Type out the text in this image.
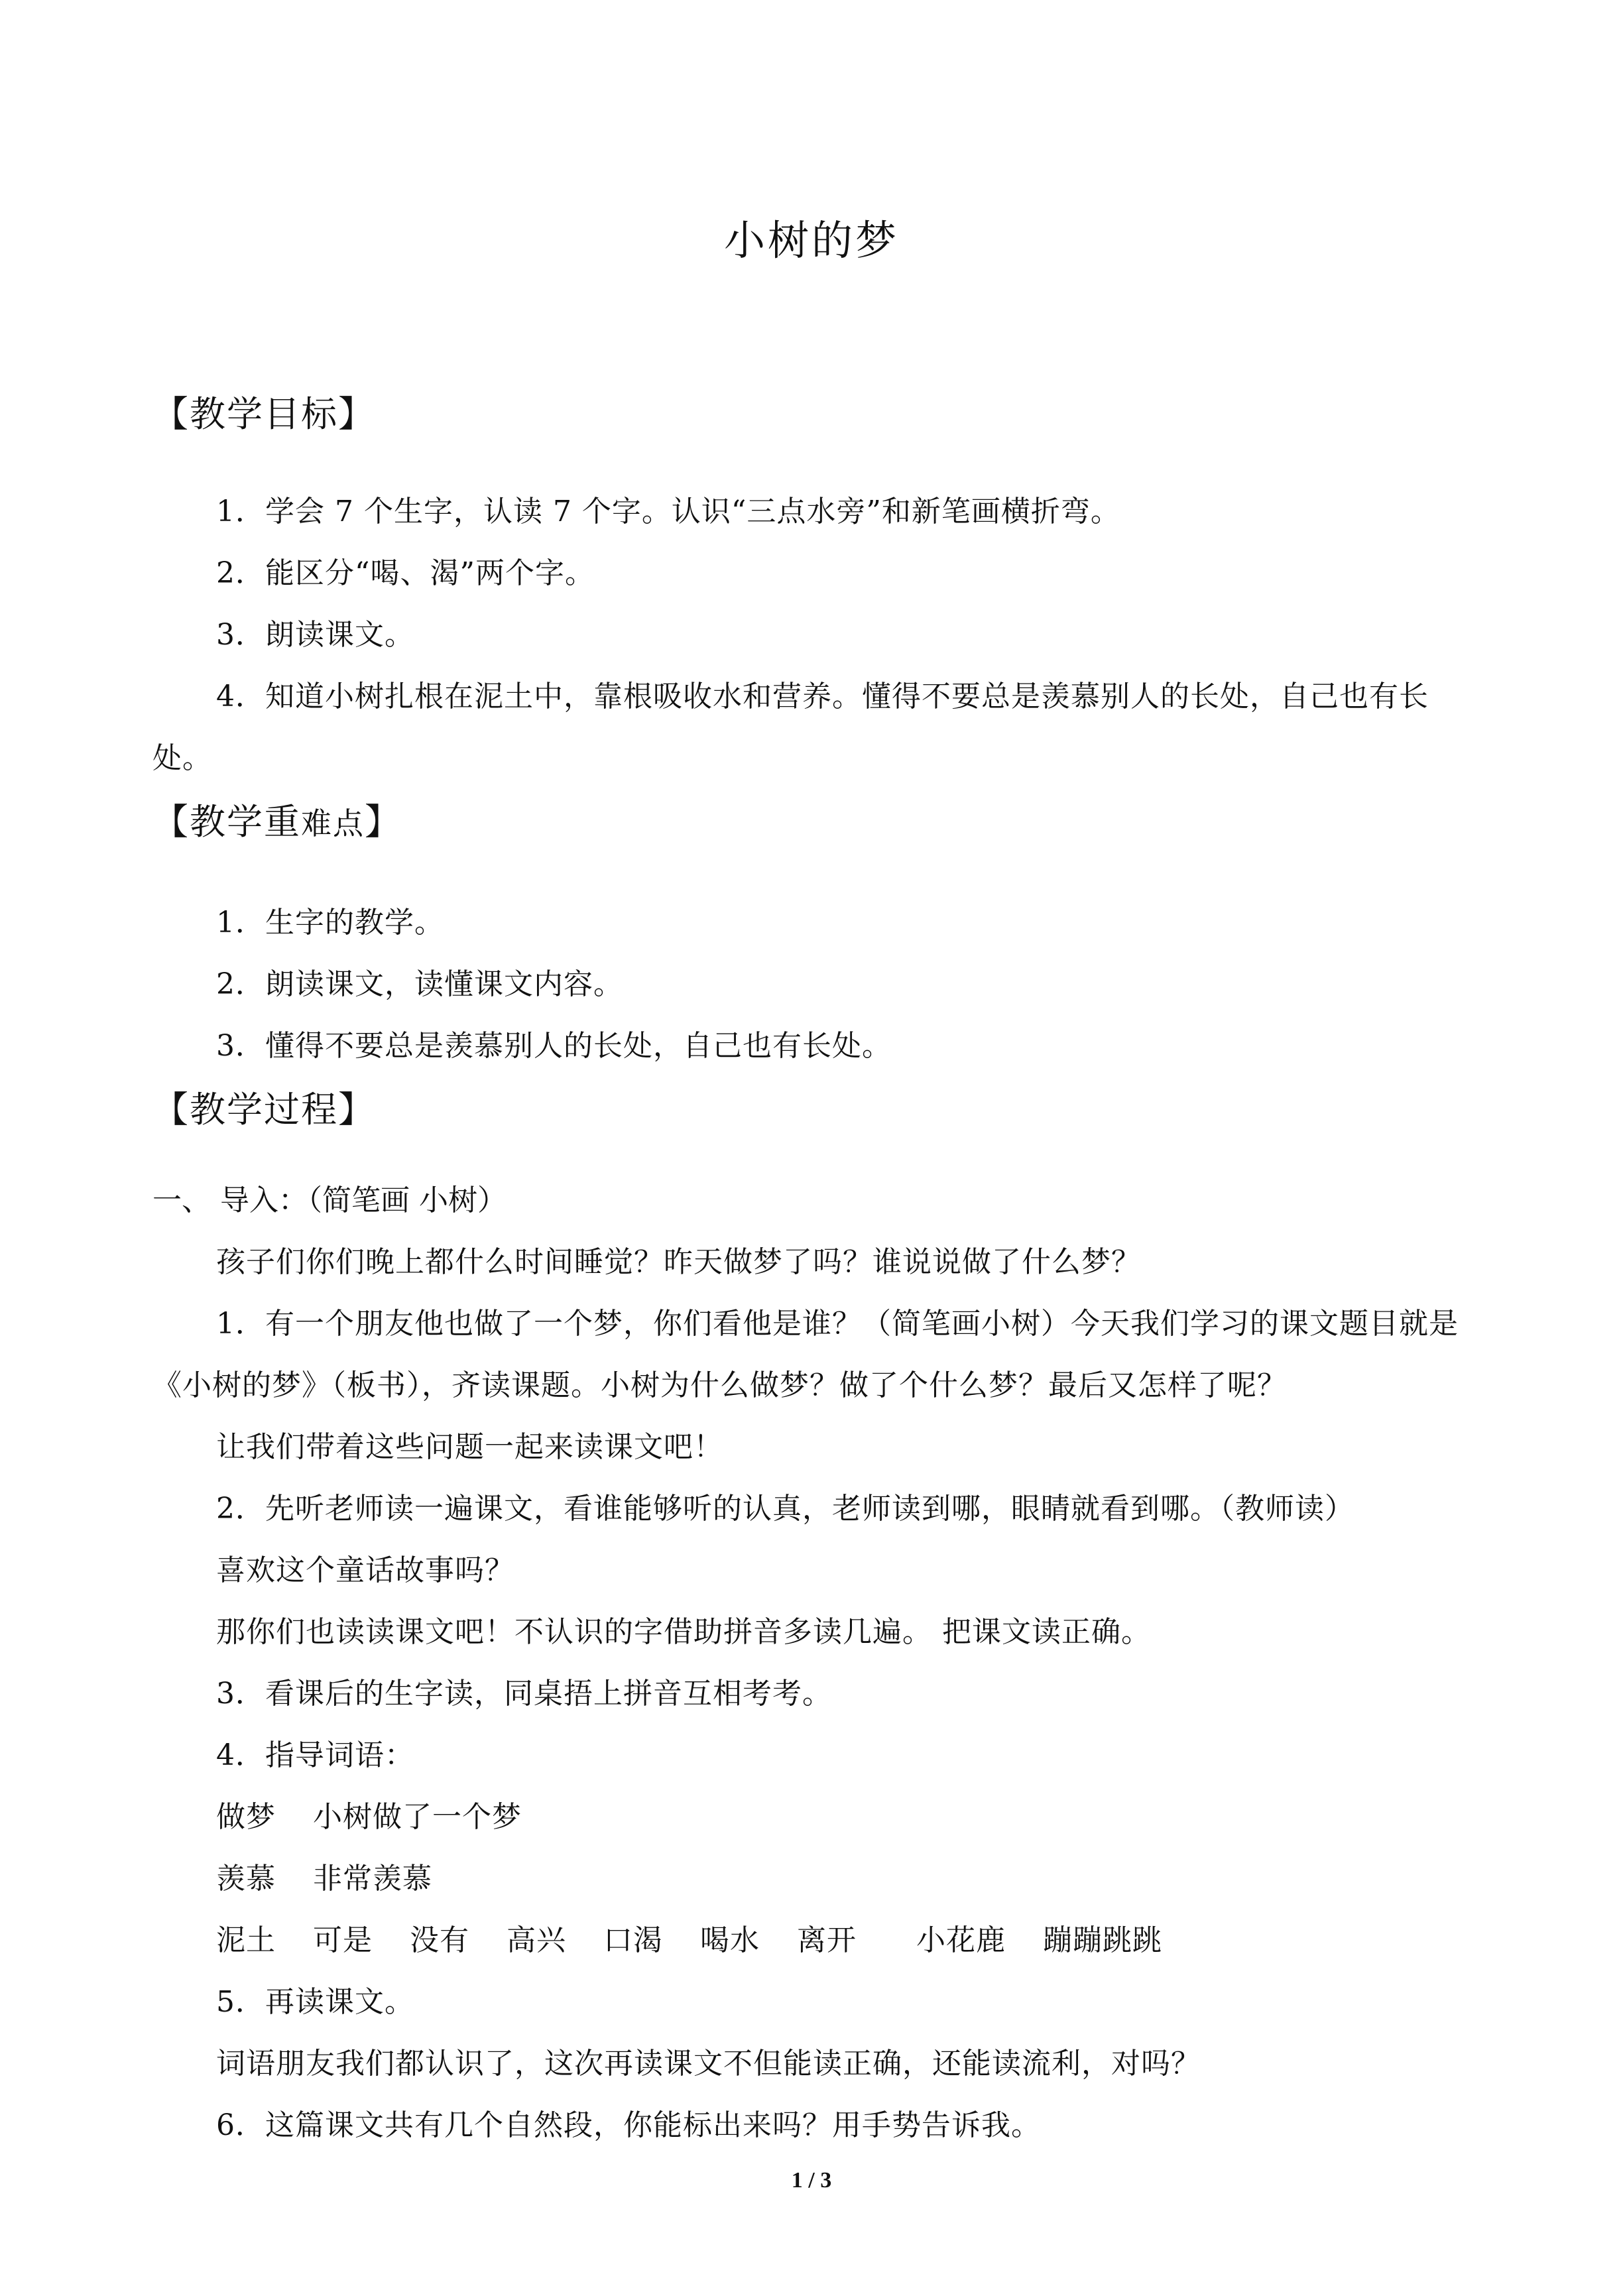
小树的梦
【教学目标】
1．学会 7 个生字，认读 7 个字。认识“三点水旁”和新笔画横折弯。
2．能区分“喝、渴”两个字。
3．朗读课文。
4．知道小树扎根在泥土中，靠根吸收水和营养。懂得不要总是羡慕别人的长处，自己也有长处。
【教学重难点】
1．生字的教学。
2．朗读课文，读懂课文内容。
3．懂得不要总是羡慕别人的长处，自己也有长处。
【教学过程】
一、 导入：（简笔画 小树）
孩子们你们晚上都什么时间睡觉？昨天做梦了吗？谁说说做了什么梦？
1．有一个朋友他也做了一个梦，你们看他是谁？（简笔画小树）今天我们学习的课文题目就是《小树的梦》（板书），齐读课题。小树为什么做梦？做了个什么梦？最后又怎样了呢？
让我们带着这些问题一起来读课文吧！
2．先听老师读一遍课文，看谁能够听的认真，老师读到哪，眼睛就看到哪。（教师读）
喜欢这个童话故事吗？
那你们也读读课文吧！不认识的字借助拼音多读几遍。 把课文读正确。
3．看课后的生字读，同桌捂上拼音互相考考。
4．指导词语：
做梦 小树做了一个梦
羡慕 非常羡慕
泥土 可是 没有 高兴 口渴 喝水 离开 小花鹿 蹦蹦跳跳
5．再读课文。
词语朋友我们都认识了，这次再读课文不但能读正确，还能读流利，对吗？
6．这篇课文共有几个自然段，你能标出来吗？用手势告诉我。
1 / 3
